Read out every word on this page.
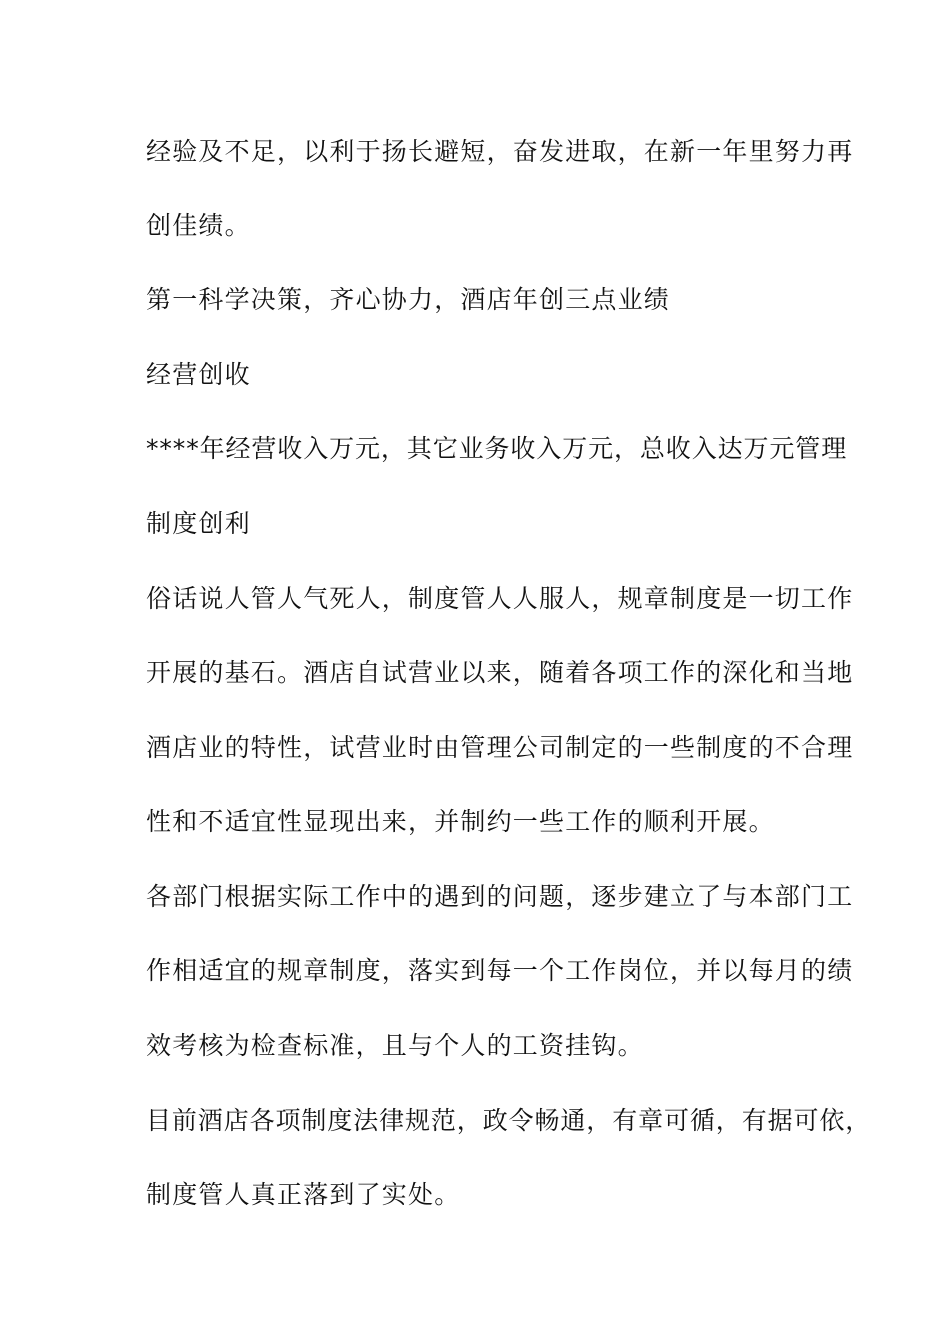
经验及不足，以利于扬长避短，奋发进取，在新一年里努力再
创佳绩。
第一科学决策，齐心协力，酒店年创三点业绩
经营创收
****年经营收入万元，其它业务收入万元，总收入达万元管理
制度创利
俗话说人管人气死人，制度管人人服人，规章制度是一切工作
开展的基石。酒店自试营业以来，随着各项工作的深化和当地
酒店业的特性，试营业时由管理公司制定的一些制度的不合理
性和不适宜性显现出来，并制约一些工作的顺利开展。
各部门根据实际工作中的遇到的问题，逐步建立了与本部门工
作相适宜的规章制度，落实到每一个工作岗位，并以每月的绩
效考核为检查标准，且与个人的工资挂钩。
目前酒店各项制度法律规范，政令畅通，有章可循，有据可依，
制度管人真正落到了实处。
